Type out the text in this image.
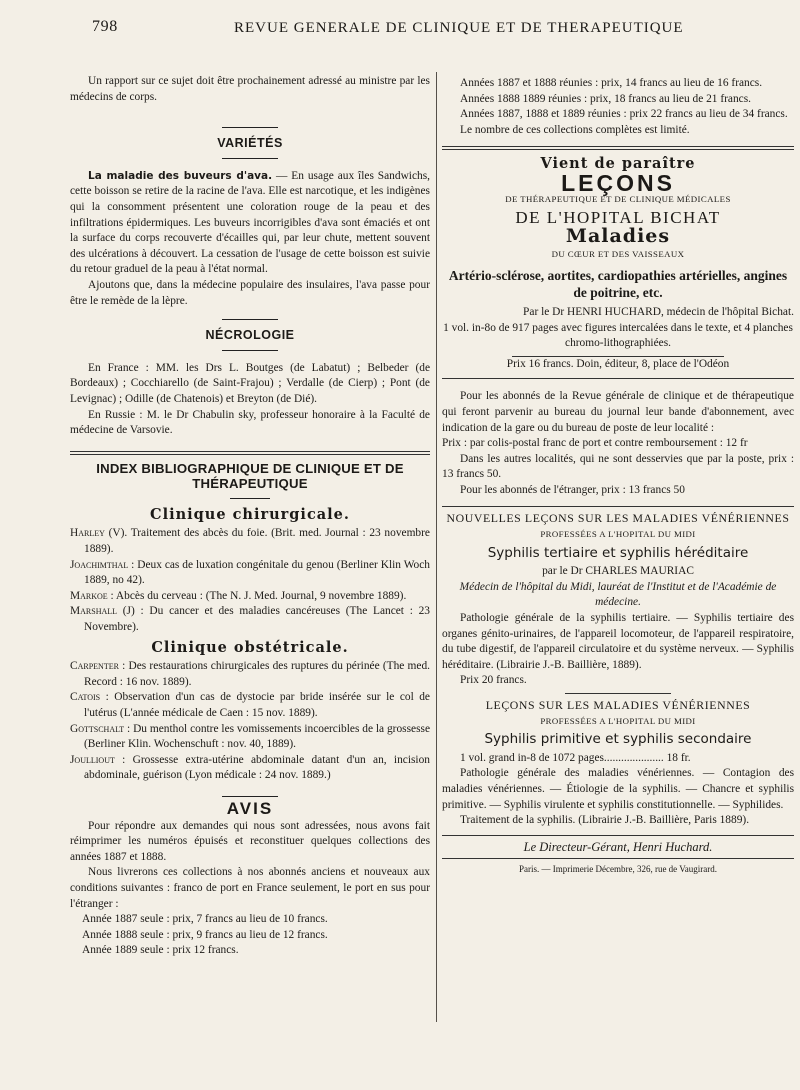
798	REVUE GENERALE DE CLINIQUE ET DE THERAPEUTIQUE

Un rapport sur ce sujet doit être prochainement adressé au ministre par les médecins de corps.

VARIÉTÉS

La maladie des buveurs d'ava. — En usage aux îles Sandwichs, cette boisson se retire de la racine de l'ava. Elle est narcotique, et les indigènes qui la consomment présentent une coloration rouge de la peau et des infiltrations épidermiques. Les buveurs incorrigibles d'ava sont émaciés et ont la surface du corps recouverte d'écailles qui, par leur chute, mettent souvent des ulcérations à découvert. La cessation de l'usage de cette boisson est suivie du retour graduel de la peau à l'état normal.

Ajoutons que, dans la médecine populaire des insulaires, l'ava passe pour être le remède de la lèpre.

NÉCROLOGIE

En France : MM. les Drs L. Boutges (de Labatut) ; Belbeder (de Bordeaux) ; Cocchiarello (de Saint-Frajou) ; Verdalle (de Cierp) ; Pont (de Levignac) ; Odille (de Chatenois) et Breyton (de Dié).

En Russie : M. le Dr Chabulin sky, professeur honoraire à la Faculté de médecine de Varsovie.

INDEX BIBLIOGRAPHIQUE DE CLINIQUE ET DE THÉRAPEUTIQUE
Clinique chirurgicale.

Harley (V). Traitement des abcès du foie. (Brit. med. Journal : 23 novembre 1889).

Joachimthal : Deux cas de luxation congénitale du genou (Berliner Klin Woch 1889, no 42).

Markoe : Abcès du cerveau : (The N. J. Med. Journal, 9 novembre 1889).

Marshall (J) : Du cancer et des maladies cancéreuses (The Lancet : 23 Novembre).

Clinique obstétricale.

Carpenter : Des restaurations chirurgicales des ruptures du périnée (The med. Record : 16 nov. 1889).

Catois : Observation d'un cas de dystocie par bride insérée sur le col de l'utérus (L'année médicale de Caen : 15 nov. 1889).

Gottschalt : Du menthol contre les vomissements incoercibles de la grossesse (Berliner Klin. Wochenschuft : nov. 40, 1889).

Joulliout : Grossesse extra-utérine abdominale datant d'un an, incision abdominale, guérison (Lyon médicale : 24 nov. 1889.)

AVIS

Pour répondre aux demandes qui nous sont adressées, nous avons fait réimprimer les numéros épuisés et reconstituer quelques collections des années 1887 et 1888.

Nous livrerons ces collections à nos abonnés anciens et nouveaux aux conditions suivantes : franco de port en France seulement, le port en sus pour l'étranger :

Année 1887 seule : prix, 7 francs au lieu de 10 francs.

Année 1888 seule : prix, 9 francs au lieu de 12 francs.

Année 1889 seule : prix 12 francs.

Années 1887 et 1888 réunies : prix, 14 francs au lieu de 16 francs.

Années 1888 1889 réunies : prix, 18 francs au lieu de 21 francs.

Années 1887, 1888 et 1889 réunies : prix 22 francs au lieu de 34 francs.

Le nombre de ces collections complètes est limité.

Vient de paraître
LEÇONS
DE THÉRAPEUTIQUE ET DE CLINIQUE MÉDICALES
DE L'HOPITAL BICHAT
Maladies
DU CŒUR ET DES VAISSEAUX
Artério-sclérose, aortites, cardiopathies artérielles, angines de poitrine, etc.

Par le Dr HENRI HUCHARD, médecin de l'hôpital Bichat.

1 vol. in-8o de 917 pages avec figures intercalées dans le texte, et 4 planches chromo-lithographiées.

Prix 16 francs. Doin, éditeur, 8, place de l'Odéon

Pour les abonnés de la Revue générale de clinique et de thérapeutique qui feront parvenir au bureau du journal leur bande d'abonnement, avec indication de la gare ou du bureau de poste de leur localité :

Prix : par colis-postal franc de port et contre remboursement : 12 fr

Dans les autres localités, qui ne sont desservies que par la poste, prix : 13 francs 50.

Pour les abonnés de l'étranger, prix : 13 francs 50

NOUVELLES LEÇONS SUR LES MALADIES VÉNÉRIENNES
PROFESSÉES A L'HOPITAL DU MIDI
Syphilis tertiaire et syphilis héréditaire

par le Dr CHARLES MAURIAC

Médecin de l'hôpital du Midi, lauréat de l'Institut et de l'Académie de médecine.

Pathologie générale de la syphilis tertiaire. — Syphilis tertiaire des organes génito-urinaires, de l'appareil locomoteur, de l'appareil respiratoire, du tube digestif, de l'appareil circulatoire et du système nerveux. — Syphilis héréditaire. (Librairie J.-B. Baillière, 1889).

Prix 20 francs.

LEÇONS SUR LES MALADIES VÉNÉRIENNES
PROFESSÉES A L'HOPITAL DU MIDI
Syphilis primitive et syphilis secondaire

1 vol. grand in-8 de 1072 pages..................... 18 fr.

Pathologie générale des maladies vénériennes. — Contagion des maladies vénériennes. — Étiologie de la syphilis. — Chancre et syphilis primitive. — Syphilis virulente et syphilis constitutionnelle. — Syphilides.

Traitement de la syphilis. (Librairie J.-B. Baillière, Paris 1889).

Le Directeur-Gérant, Henri Huchard.
Paris. — Imprimerie Décembre, 326, rue de Vaugirard.
